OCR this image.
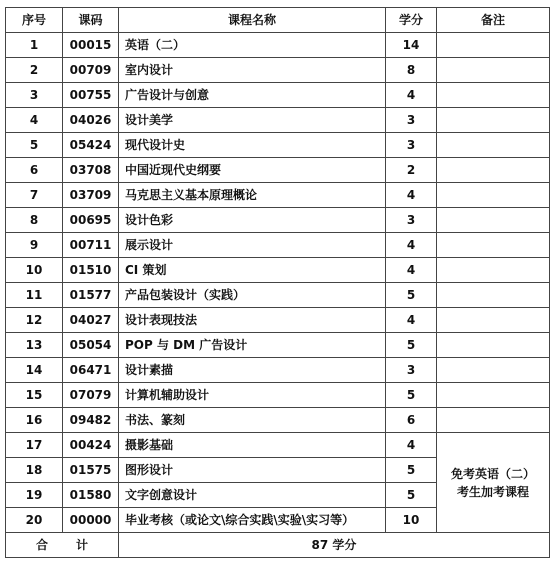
序号	课码	课程名称	学分	备注
1	00015	英语（二）	14	
2	00709	室内设计	8	
3	00755	广告设计与创意	4	
4	04026	设计美学	3	
5	05424	现代设计史	3	
6	03708	中国近现代史纲要	2	
7	03709	马克思主义基本原理概论	4	
8	00695	设计色彩	3	
9	00711	展示设计	4	
10	01510	CI 策划	4	
11	01577	产品包装设计（实践）	5	
12	04027	设计表现技法	4	
13	05054	POP 与 DM 广告设计	5	
14	06471	设计素描	3	
15	07079	计算机辅助设计	5	
16	09482	书法、篆刻	6	
17	00424	摄影基础	4	免考英语（二）
考生加考课程

18	01575	图形设计	5	
19	01580	文字创意设计	5	
20	00000	毕业考核（或论文\综合实践\实验\实习等）	10	
合 计		87 学分		
